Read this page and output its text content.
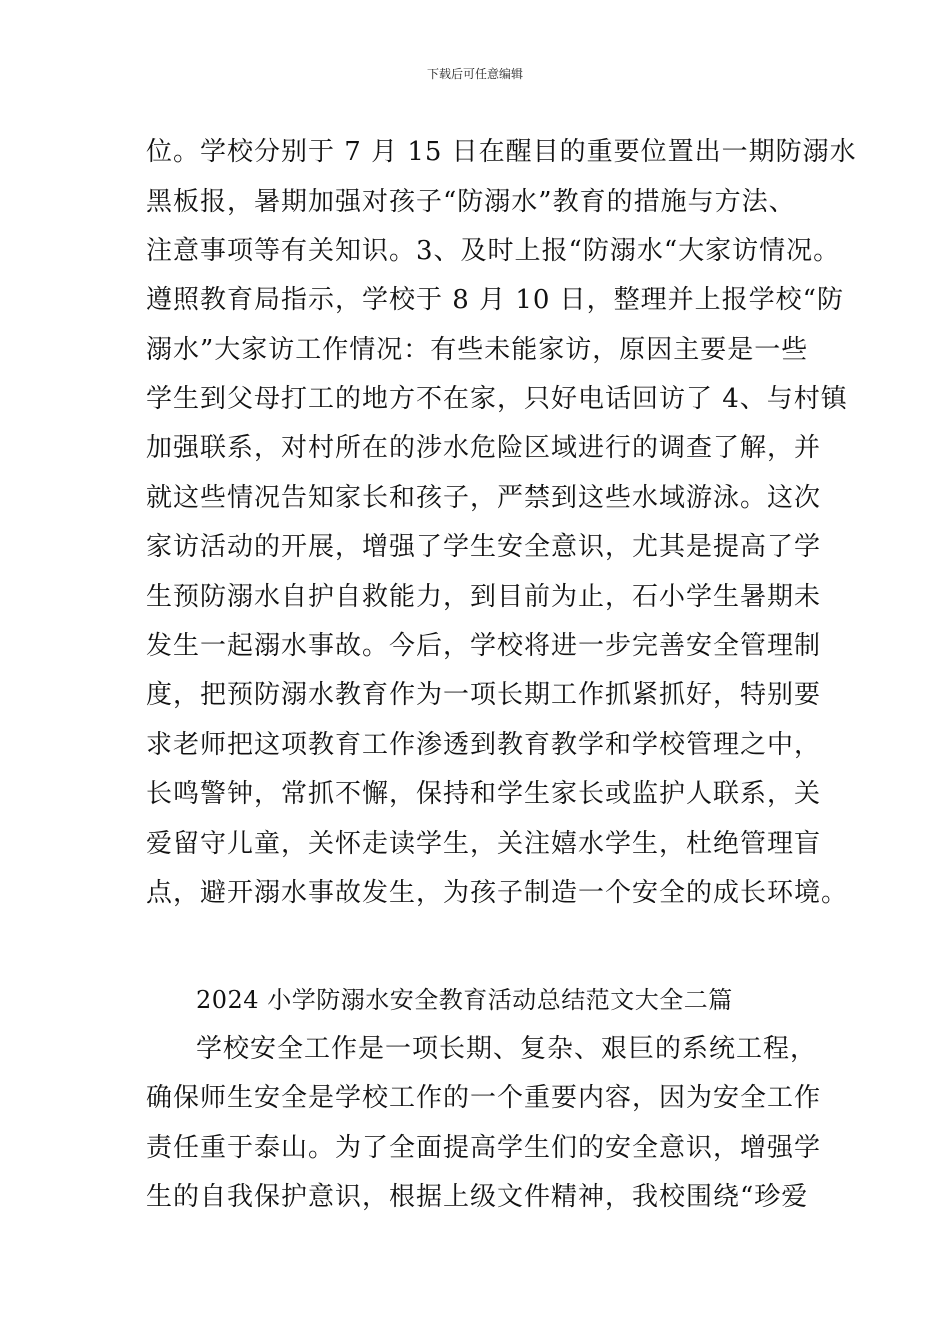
下载后可任意编辑
位。学校分别于 7 月 15 日在醒目的重要位置出一期防溺水
黑板报，暑期加强对孩子“防溺水”教育的措施与方法、
注意事项等有关知识。3、及时上报“防溺水“大家访情况。
遵照教育局指示，学校于 8 月 10 日，整理并上报学校“防
溺水”大家访工作情况：有些未能家访，原因主要是一些
学生到父母打工的地方不在家，只好电话回访了 4、与村镇
加强联系，对村所在的涉水危险区域进行的调查了解，并
就这些情况告知家长和孩子，严禁到这些水域游泳。这次
家访活动的开展，增强了学生安全意识，尤其是提高了学
生预防溺水自护自救能力，到目前为止，石小学生暑期未
发生一起溺水事故。今后，学校将进一步完善安全管理制
度，把预防溺水教育作为一项长期工作抓紧抓好，特别要
求老师把这项教育工作渗透到教育教学和学校管理之中，
长鸣警钟，常抓不懈，保持和学生家长或监护人联系，关
爱留守儿童，关怀走读学生，关注嬉水学生，杜绝管理盲
点，避开溺水事故发生，为孩子制造一个安全的成长环境。
2024 小学防溺水安全教育活动总结范文大全二篇
学校安全工作是一项长期、复杂、艰巨的系统工程，
确保师生安全是学校工作的一个重要内容，因为安全工作
责任重于泰山。为了全面提高学生们的安全意识，增强学
生的自我保护意识，根据上级文件精神，我校围绕“珍爱
